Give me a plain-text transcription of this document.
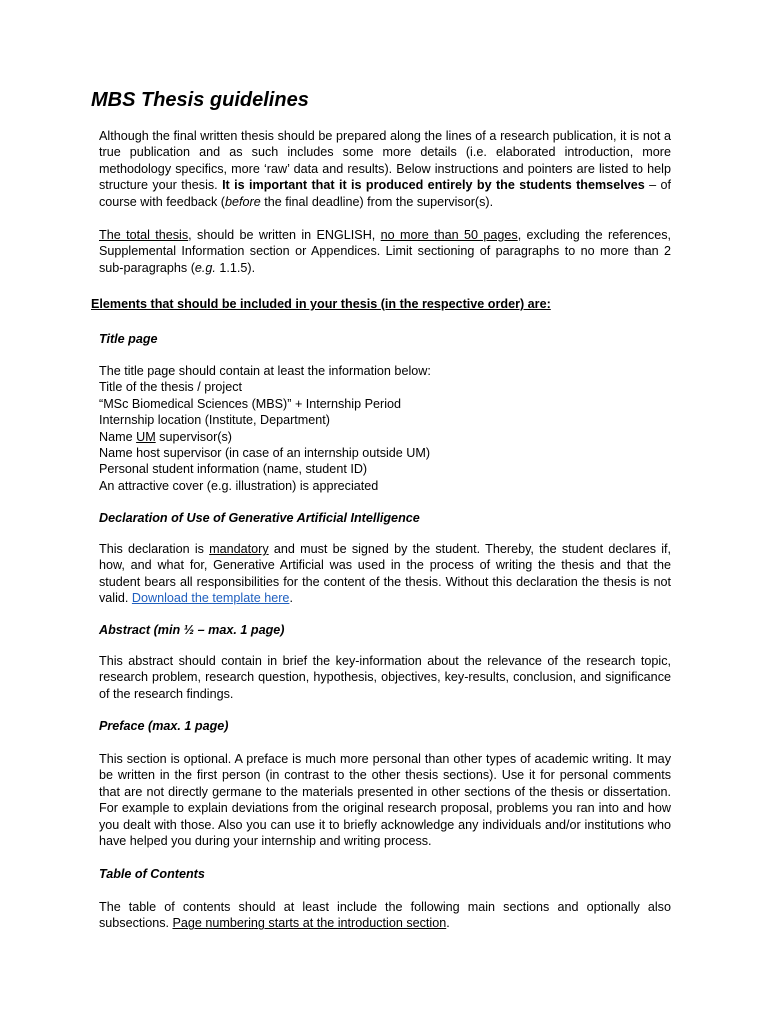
MBS Thesis guidelines

Although the final written thesis should be prepared along the lines of a research publication, it is not a true publication and as such includes some more details (i.e. elaborated introduction, more methodology specifics, more ‘raw’ data and results). Below instructions and pointers are listed to help structure your thesis. It is important that it is produced entirely by the students themselves – of course with feedback (before the final deadline) from the supervisor(s).

The total thesis, should be written in ENGLISH, no more than 50 pages, excluding the references, Supplemental Information section or Appendices. Limit sectioning of paragraphs to no more than 2 sub-paragraphs (e.g. 1.1.5).

Elements that should be included in your thesis (in the respective order) are:

Title page

The title page should contain at least the information below:
Title of the thesis / project
“MSc Biomedical Sciences (MBS)” + Internship Period
Internship location (Institute, Department)
Name UM supervisor(s)
Name host supervisor (in case of an internship outside UM)
Personal student information (name, student ID)
An attractive cover (e.g. illustration) is appreciated

Declaration of Use of Generative Artificial Intelligence

This declaration is mandatory and must be signed by the student. Thereby, the student declares if, how, and what for, Generative Artificial was used in the process of writing the thesis and that the student bears all responsibilities for the content of the thesis. Without this declaration the thesis is not valid. Download the template here.

Abstract (min ½ – max. 1 page)

This abstract should contain in brief the key-information about the relevance of the research topic, research problem, research question, hypothesis, objectives, key-results, conclusion, and significance of the research findings.

Preface (max. 1 page)

This section is optional. A preface is much more personal than other types of academic writing. It may be written in the first person (in contrast to the other thesis sections). Use it for personal comments that are not directly germane to the materials presented in other sections of the thesis or dissertation. For example to explain deviations from the original research proposal, problems you ran into and how you dealt with those. Also you can use it to briefly acknowledge any individuals and/or institutions who have helped you during your internship and writing process.

Table of Contents

The table of contents should at least include the following main sections and optionally also subsections. Page numbering starts at the introduction section.
